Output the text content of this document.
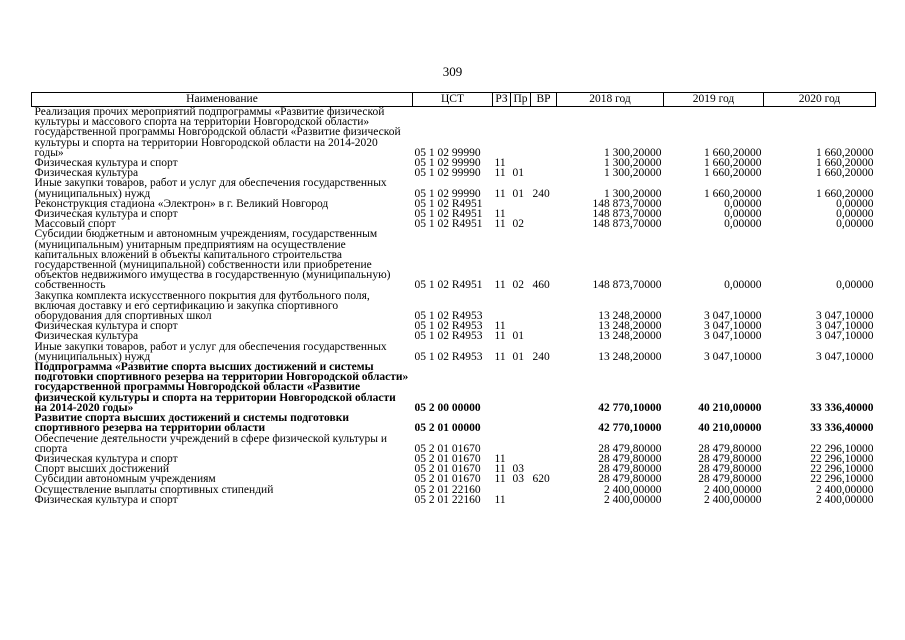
309
Наименование	ЦСТ	РЗ	Пр	ВР	2018 год	2019 год	2020 год
Реализация прочих мероприятий подпрограммы «Развитие физической культуры и массового спорта на территории Новгородской области» государственной программы Новгородской области «Развитие физической культуры и спорта на территории Новгородской области на 2014-2020 годы»	05 1 02 99990				1 300,20000	1 660,20000	1 660,20000
Физическая культура и спорт	05 1 02 99990	11			1 300,20000	1 660,20000	1 660,20000
Физическая культура	05 1 02 99990	11	01		1 300,20000	1 660,20000	1 660,20000
Иные закупки товаров, работ и услуг для обеспечения государственных (муниципальных) нужд	05 1 02 99990	11	01	240	1 300,20000	1 660,20000	1 660,20000
Реконструкция стадиона «Электрон» в г. Великий Новгород	05 1 02 R4951				148 873,70000	0,00000	0,00000
Физическая культура и спорт	05 1 02 R4951	11			148 873,70000	0,00000	0,00000
Массовый спорт	05 1 02 R4951	11	02		148 873,70000	0,00000	0,00000
Субсидии бюджетным и автономным учреждениям, государственным (муниципальным) унитарным предприятиям на осуществление капитальных вложений в объекты капитального строительства государственной (муниципальной) собственности или приобретение объектов недвижимого имущества в государственную (муниципальную) собственность	05 1 02 R4951	11	02	460	148 873,70000	0,00000	0,00000
Закупка комплекта искусственного покрытия для футбольного поля, включая доставку и его сертификацию и закупка спортивного оборудования для спортивных школ	05 1 02 R4953				13 248,20000	3 047,10000	3 047,10000
Физическая культура и спорт	05 1 02 R4953	11			13 248,20000	3 047,10000	3 047,10000
Физическая культура	05 1 02 R4953	11	01		13 248,20000	3 047,10000	3 047,10000
Иные закупки товаров, работ и услуг для обеспечения государственных (муниципальных) нужд	05 1 02 R4953	11	01	240	13 248,20000	3 047,10000	3 047,10000
Подпрограмма «Развитие спорта высших достижений и системы подготовки спортивного резерва на территории Новгородской области» государственной программы Новгородской области «Развитие физической культуры и спорта на территории Новгородской области на 2014-2020 годы»	05 2 00 00000				42 770,10000	40 210,00000	33 336,40000
Развитие спорта высших достижений и системы подготовки спортивного резерва на территории области	05 2 01 00000				42 770,10000	40 210,00000	33 336,40000
Обеспечение деятельности учреждений в сфере физической культуры и спорта	05 2 01 01670				28 479,80000	28 479,80000	22 296,10000
Физическая культура и спорт	05 2 01 01670	11			28 479,80000	28 479,80000	22 296,10000
Спорт высших достижений	05 2 01 01670	11	03		28 479,80000	28 479,80000	22 296,10000
Субсидии автономным учреждениям	05 2 01 01670	11	03	620	28 479,80000	28 479,80000	22 296,10000
Осуществление выплаты спортивных стипендий	05 2 01 22160				2 400,00000	2 400,00000	2 400,00000
Физическая культура и спорт	05 2 01 22160	11			2 400,00000	2 400,00000	2 400,00000
